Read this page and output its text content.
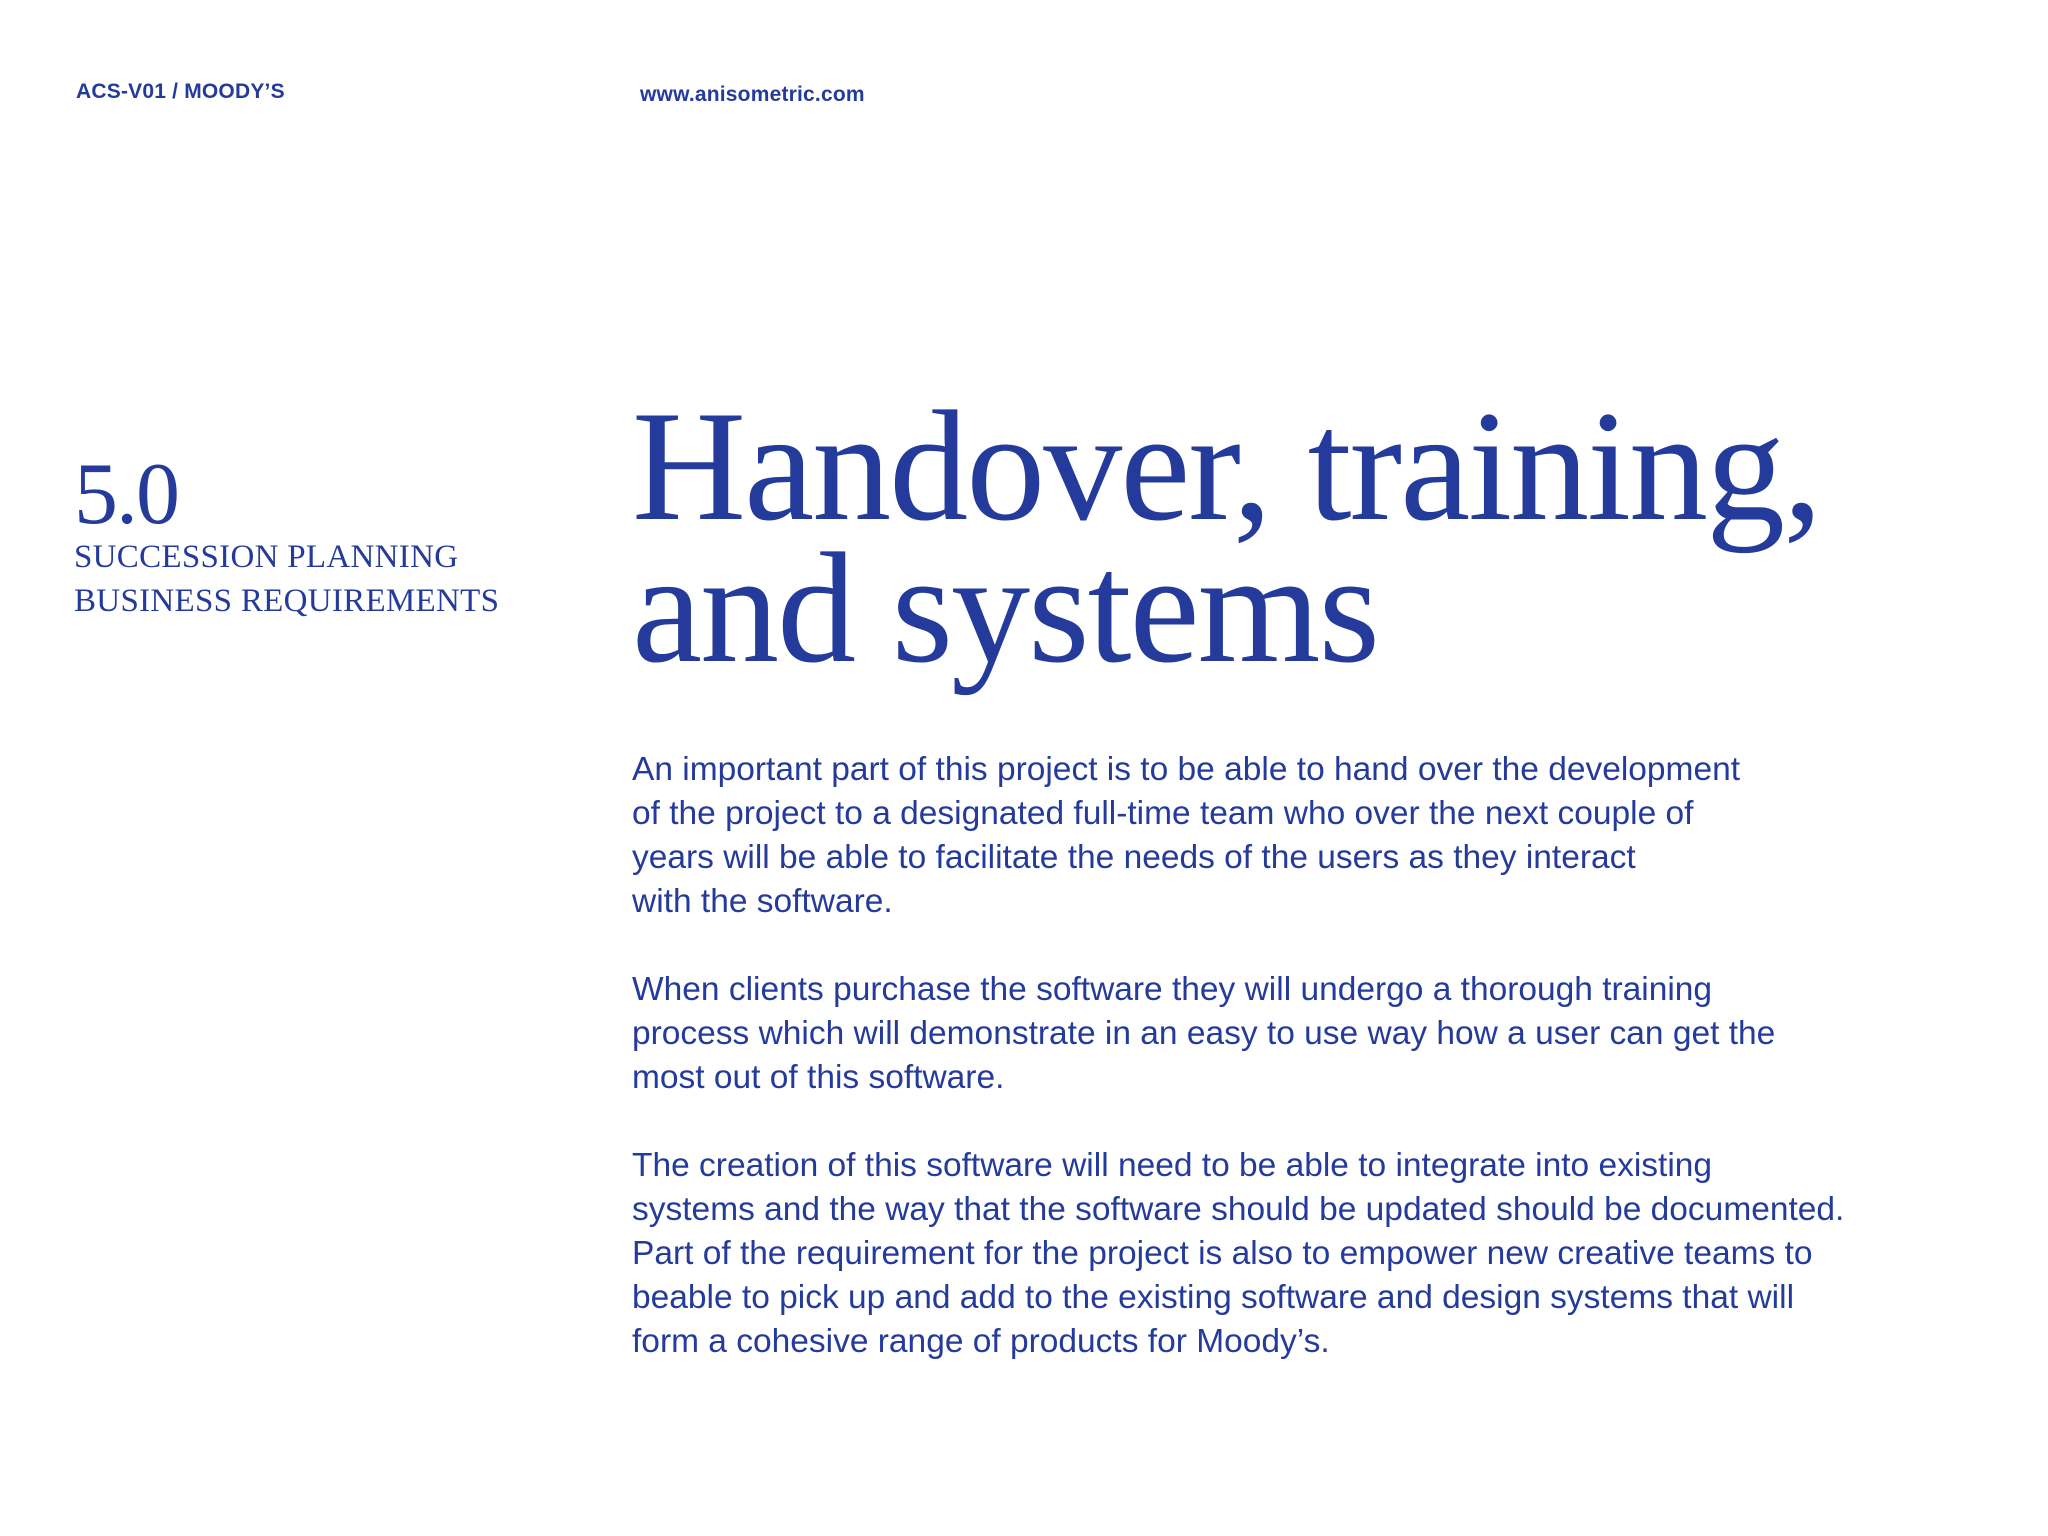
ACS-V01 / MOODY’S	www.anisometric.com
5.0
SUCCESSION PLANNING
BUSINESS REQUIREMENTS
Handover, training,
and systems

An important part of this project is to be able to hand over the development
of the project to a designated full-time team who over the next couple of
years will be able to facilitate the needs of the users as they interact
with the software.

When clients purchase the software they will undergo a thorough training
process which will demonstrate in an easy to use way how a user can get the
most out of this software.

The creation of this software will need to be able to integrate into existing
systems and the way that the software should be updated should be documented.
Part of the requirement for the project is also to empower new creative teams to
beable to pick up and add to the existing software and design systems that will
form a cohesive range of products for Moody’s.
